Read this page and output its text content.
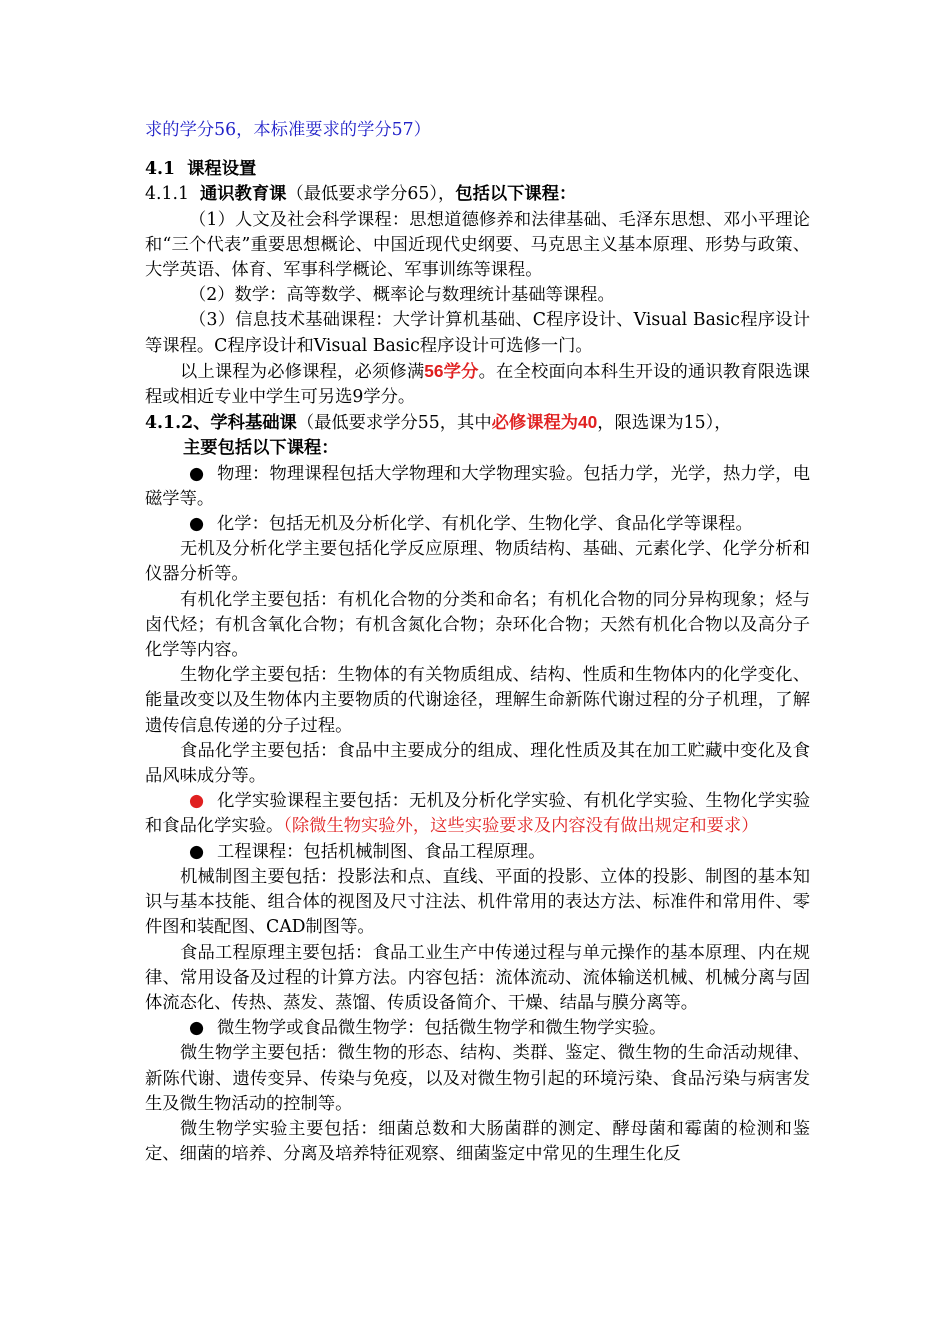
求的学分56，本标准要求的学分57）

4.1 课程设置

4.1.1 通识教育课（最低要求学分65），包括以下课程：

（1）人文及社会科学课程：思想道德修养和法律基础、毛泽东思想、邓小平理论和“三个代表”重要思想概论、中国近现代史纲要、马克思主义基本原理、形势与政策、大学英语、体育、军事科学概论、军事训练等课程。

（2）数学：高等数学、概率论与数理统计基础等课程。

（3）信息技术基础课程：大学计算机基础、C程序设计、Visual Basic程序设计等课程。C程序设计和Visual Basic程序设计可选修一门。

以上课程为必修课程，必须修满56学分。在全校面向本科生开设的通识教育限选课程或相近专业中学生可另选9学分。

4.1.2、学科基础课（最低要求学分55，其中必修课程为40，限选课为15），

主要包括以下课程：

● 物理：物理课程包括大学物理和大学物理实验。包括力学，光学，热力学，电磁学等。

● 化学：包括无机及分析化学、有机化学、生物化学、食品化学等课程。

无机及分析化学主要包括化学反应原理、物质结构、基础、元素化学、化学分析和仪器分析等。

有机化学主要包括：有机化合物的分类和命名；有机化合物的同分异构现象；烃与卤代烃；有机含氧化合物；有机含氮化合物；杂环化合物；天然有机化合物以及高分子化学等内容。

生物化学主要包括：生物体的有关物质组成、结构、性质和生物体内的化学变化、能量改变以及生物体内主要物质的代谢途径，理解生命新陈代谢过程的分子机理，了解遗传信息传递的分子过程。

食品化学主要包括：食品中主要成分的组成、理化性质及其在加工贮藏中变化及食品风味成分等。

● 化学实验课程主要包括：无机及分析化学实验、有机化学实验、生物化学实验和食品化学实验。（除微生物实验外，这些实验要求及内容没有做出规定和要求）

● 工程课程：包括机械制图、食品工程原理。

机械制图主要包括：投影法和点、直线、平面的投影、立体的投影、制图的基本知识与基本技能、组合体的视图及尺寸注法、机件常用的表达方法、标准件和常用件、零件图和装配图、CAD制图等。

食品工程原理主要包括：食品工业生产中传递过程与单元操作的基本原理、内在规律、常用设备及过程的计算方法。内容包括：流体流动、流体输送机械、机械分离与固体流态化、传热、蒸发、蒸馏、传质设备简介、干燥、结晶与膜分离等。

● 微生物学或食品微生物学：包括微生物学和微生物学实验。

微生物学主要包括：微生物的形态、结构、类群、鉴定、微生物的生命活动规律、新陈代谢、遗传变异、传染与免疫，以及对微生物引起的环境污染、食品污染与病害发生及微生物活动的控制等。

微生物学实验主要包括：细菌总数和大肠菌群的测定、酵母菌和霉菌的检测和鉴定、细菌的培养、分离及培养特征观察、细菌鉴定中常见的生理生化反
